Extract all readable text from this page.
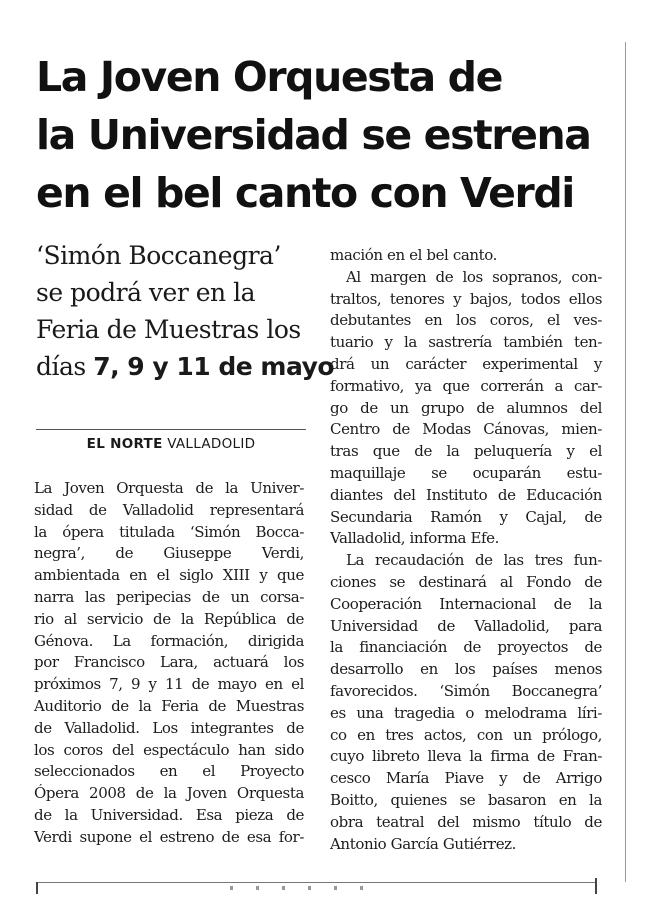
La Joven Orquesta de
la Universidad se estrena
en el bel canto con Verdi
‘Simón Boccanegra’
se podrá ver en la
Feria de Muestras los
días 7, 9 y 11 de mayo
EL NORTE VALLADOLID
La Joven Orquesta de la Univer-
sidad de Valladolid representará
la ópera titulada ‘Simón Bocca-
negra’, de Giuseppe Verdi,
ambientada en el siglo XIII y que
narra las peripecias de un corsa-
rio al servicio de la República de
Génova. La formación, dirigida
por Francisco Lara, actuará los
próximos 7, 9 y 11 de mayo en el
Auditorio de la Feria de Muestras
de Valladolid. Los integrantes de
los coros del espectáculo han sido
seleccionados en el Proyecto
Ópera 2008 de la Joven Orquesta
de la Universidad. Esa pieza de
Verdi supone el estreno de esa for-
mación en el bel canto.
Al margen de los sopranos, con-
traltos, tenores y bajos, todos ellos
debutantes en los coros, el ves-
tuario y la sastrería también ten-
drá un carácter experimental y
formativo, ya que correrán a car-
go de un grupo de alumnos del
Centro de Modas Cánovas, mien-
tras que de la peluquería y el
maquillaje se ocuparán estu-
diantes del Instituto de Educación
Secundaria Ramón y Cajal, de
Valladolid, informa Efe.
La recaudación de las tres fun-
ciones se destinará al Fondo de
Cooperación Internacional de la
Universidad de Valladolid, para
la financiación de proyectos de
desarrollo en los países menos
favorecidos. ‘Simón Boccanegra’
es una tragedia o melodrama líri-
co en tres actos, con un prólogo,
cuyo libreto lleva la firma de Fran-
cesco María Piave y de Arrigo
Boitto, quienes se basaron en la
obra teatral del mismo título de
Antonio García Gutiérrez.
